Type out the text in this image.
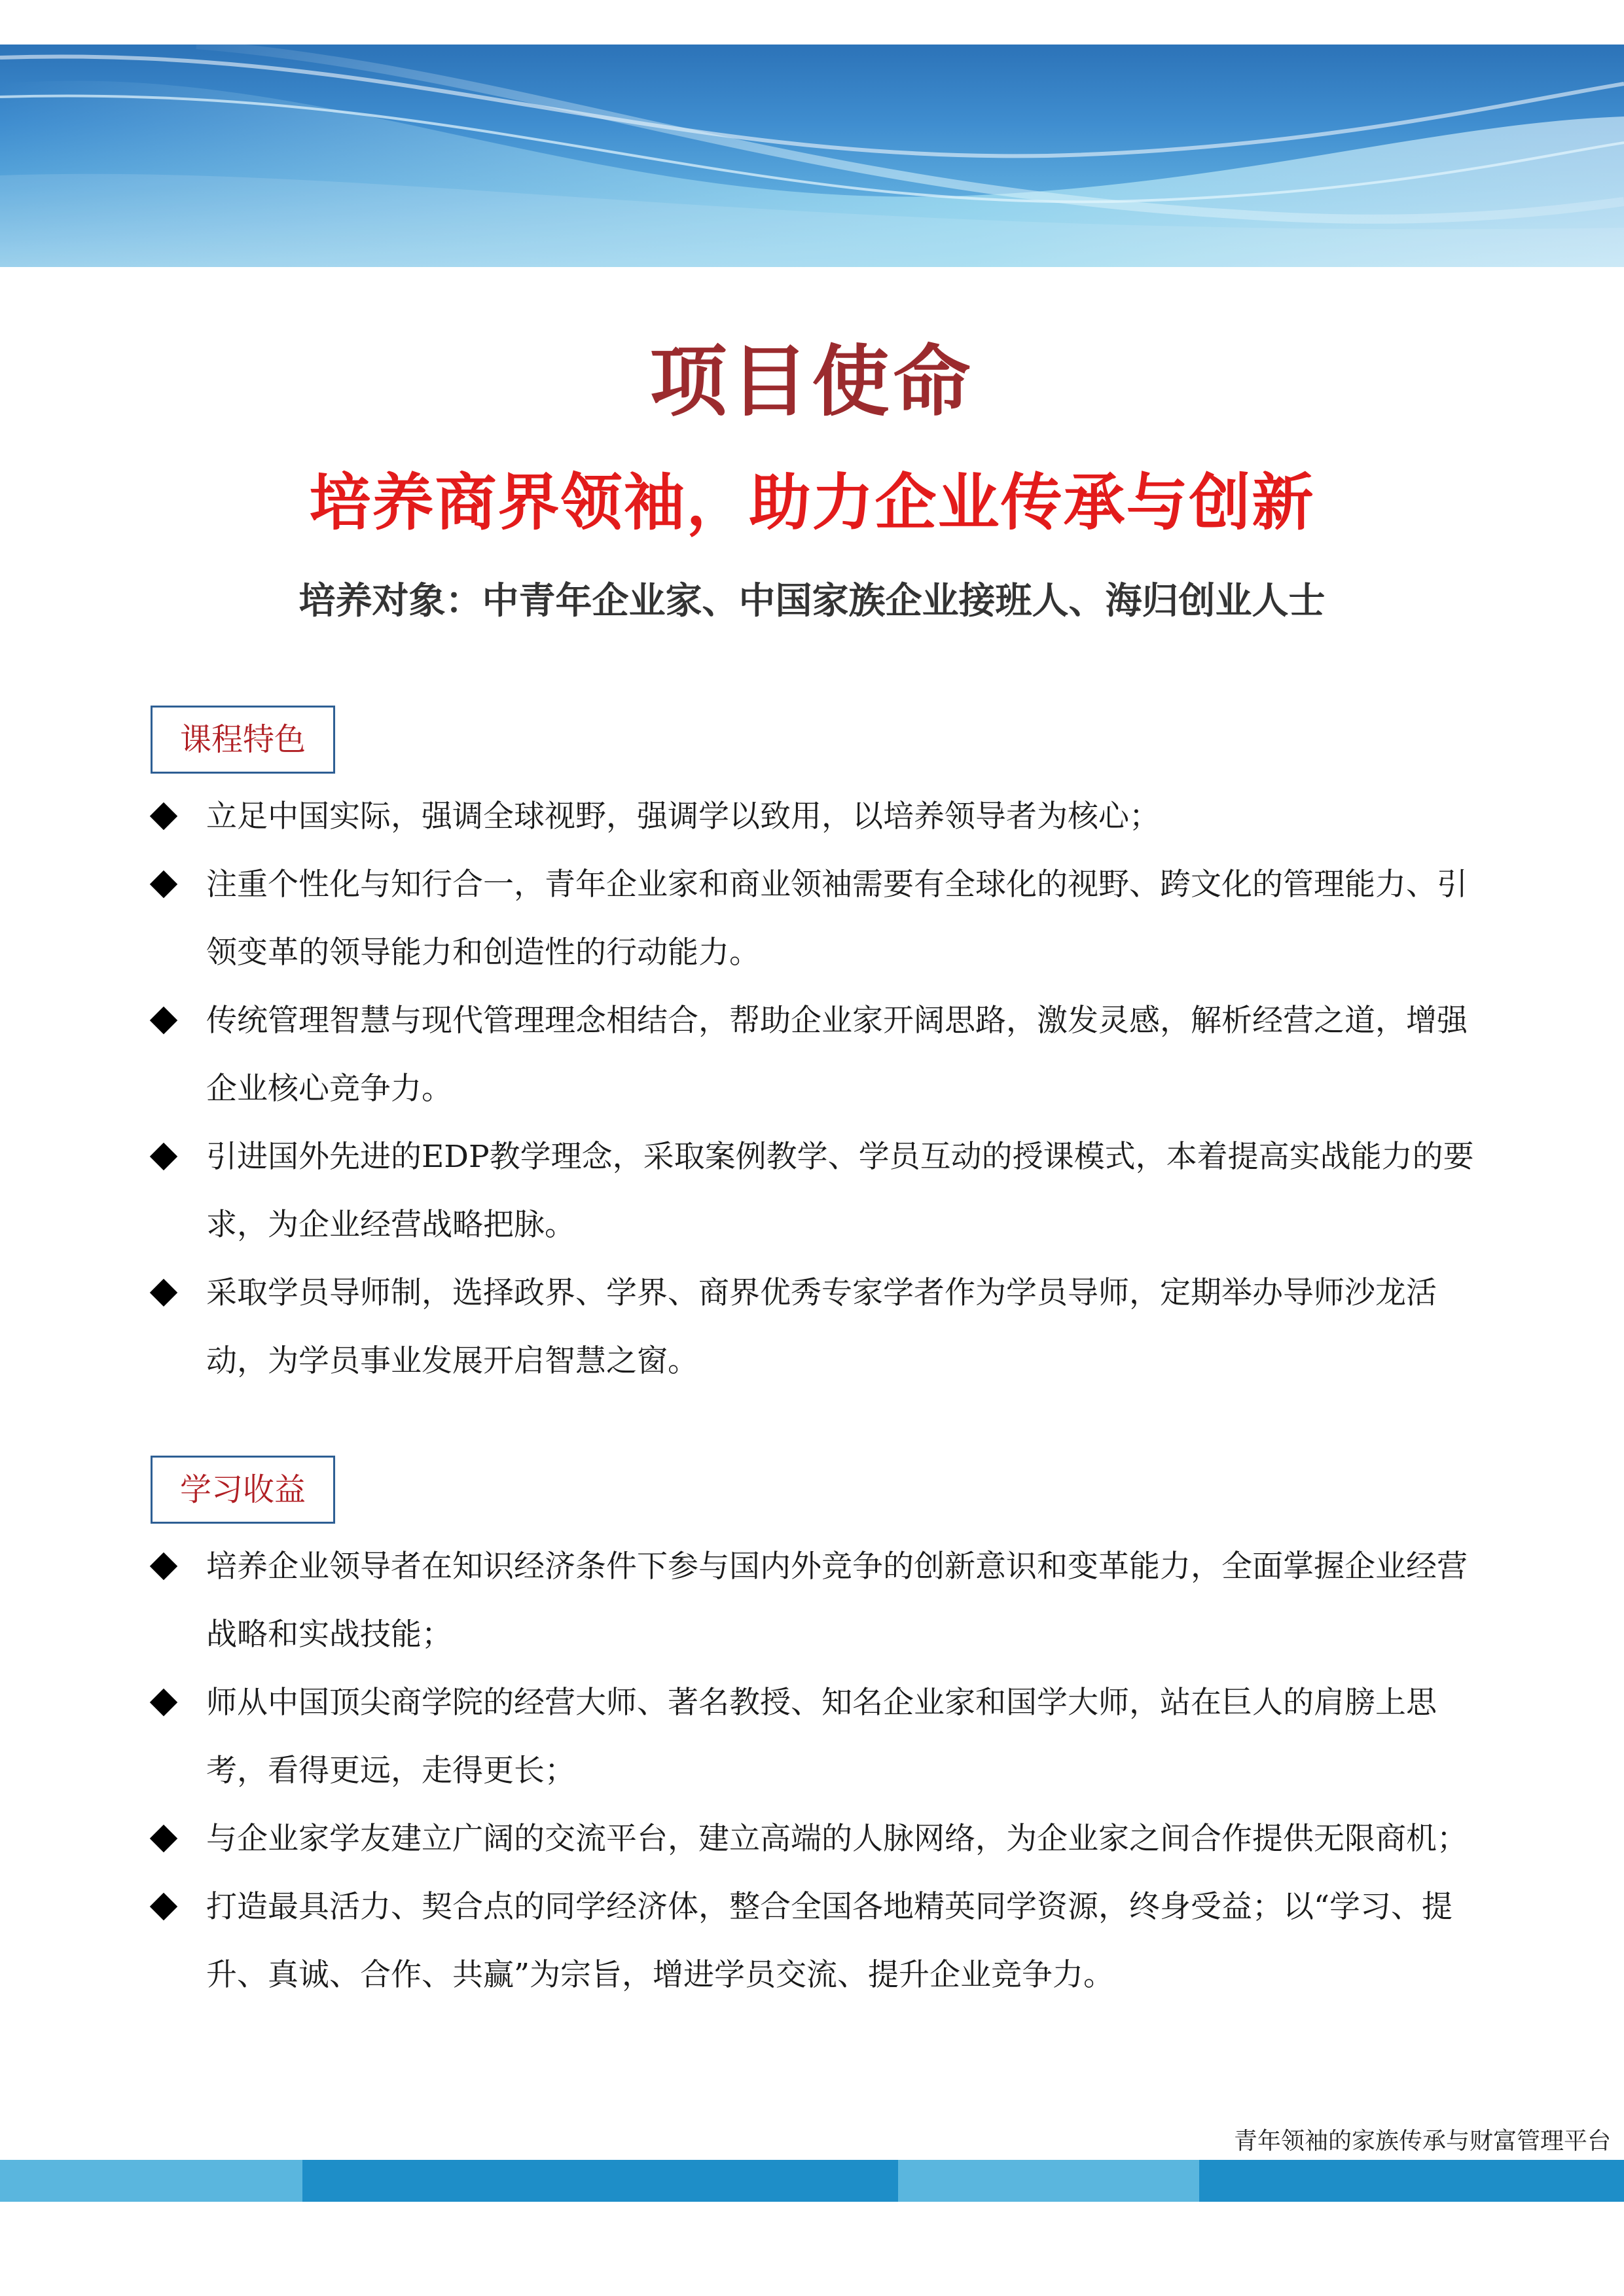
项目使命
培养商界领袖，助力企业传承与创新
培养对象：中青年企业家、中国家族企业接班人、海归创业人士
课程特色
立足中国实际，强调全球视野，强调学以致用，以培养领导者为核心；
注重个性化与知行合一，青年企业家和商业领袖需要有全球化的视野、跨文化的管理能力、引领变革的领导能力和创造性的行动能力。
传统管理智慧与现代管理理念相结合，帮助企业家开阔思路，激发灵感，解析经营之道，增强企业核心竞争力。
引进国外先进的EDP教学理念，采取案例教学、学员互动的授课模式，本着提高实战能力的要求，为企业经营战略把脉。
采取学员导师制，选择政界、学界、商界优秀专家学者作为学员导师，定期举办导师沙龙活动，为学员事业发展开启智慧之窗。
学习收益
培养企业领导者在知识经济条件下参与国内外竞争的创新意识和变革能力，全面掌握企业经营战略和实战技能；
师从中国顶尖商学院的经营大师、著名教授、知名企业家和国学大师，站在巨人的肩膀上思考，看得更远，走得更长；
与企业家学友建立广阔的交流平台，建立高端的人脉网络，为企业家之间合作提供无限商机；
打造最具活力、契合点的同学经济体，整合全国各地精英同学资源，终身受益；以“学习、提升、真诚、合作、共赢”为宗旨，增进学员交流、提升企业竞争力。
青年领袖的家族传承与财富管理平台
